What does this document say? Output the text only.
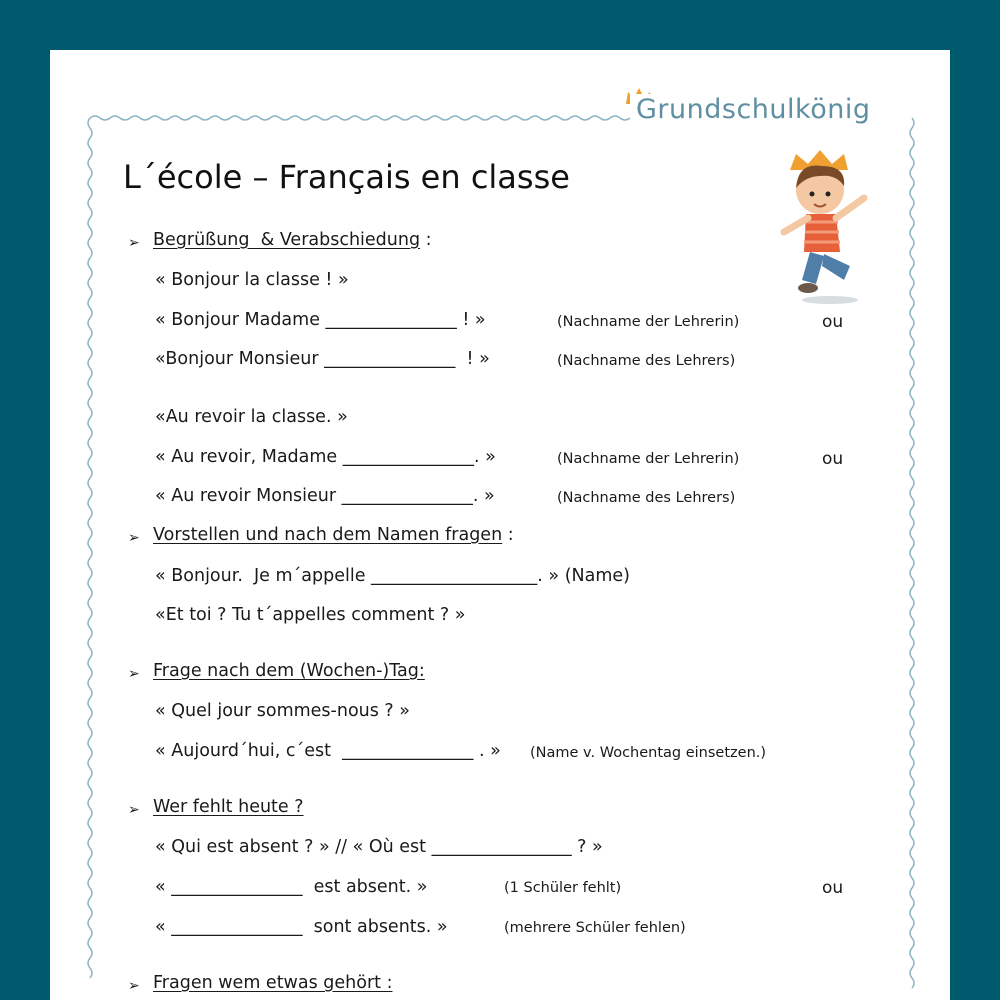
Grundschulkönig
L´école – Français en classe
➢ Begrüßung  & Verabschiedung :
« Bonjour la classe ! »
« Bonjour Madame _______________ ! »	(Nachname der Lehrerin)	ou
«Bonjour Monsieur _______________  ! »	(Nachname des Lehrers)
«Au revoir la classe. »
« Au revoir, Madame _______________. »	(Nachname der Lehrerin)	ou
« Au revoir Monsieur _______________. »	(Nachname des Lehrers)
➢ Vorstellen und nach dem Namen fragen :
« Bonjour.  Je m´appelle ___________________. » (Name)
«Et toi ? Tu t´appelles comment ? »
➢ Frage nach dem (Wochen-)Tag:
« Quel jour sommes-nous ? »
« Aujourd´hui, c´est  _______________ . » (Name v. Wochentag einsetzen.)
➢ Wer fehlt heute ?
« Qui est absent ? » // « Où est ________________ ? »
« _______________  est absent. »	(1 Schüler fehlt)	ou
« _______________  sont absents. »	(mehrere Schüler fehlen)
➢ Fragen wem etwas gehört :
